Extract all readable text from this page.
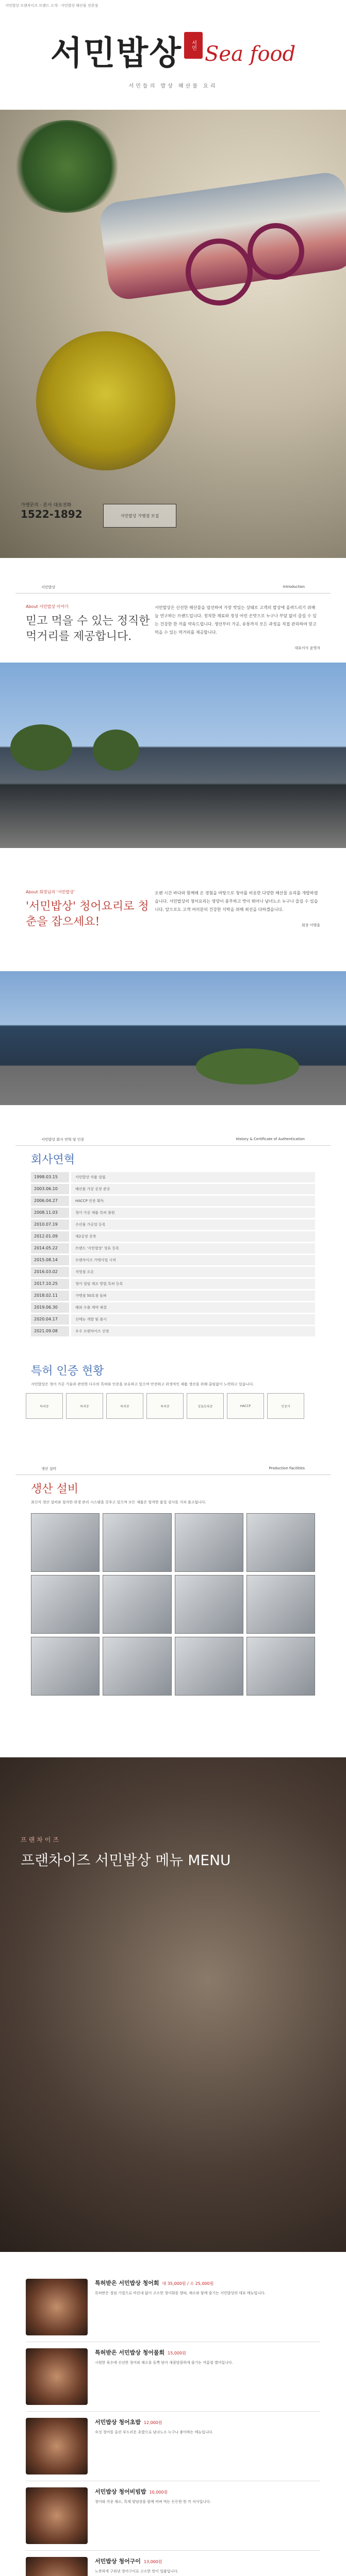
서민밥상 프랜차이즈 브랜드 소개 · 서민밥상 해산물 전문점
서민밥상	서민 Sea food
서민들의 밥상 해산물 요리
가맹문의 · 본사 대표전화
1522-1892	서민밥상 가맹점 모집
서민밥상	Introduction
About 서민밥상 이야기
믿고 먹을 수 있는 정직한 먹거리를 제공합니다.
서민밥상은 신선한 해산물을 엄선하여 가장 맛있는 상태로 고객의 밥상에 올려드리기 위해 늘 연구하는 브랜드입니다. 정직한 재료와 정성 어린 손맛으로 누구나 부담 없이 즐길 수 있는 건강한 한 끼를 약속드립니다. 생산부터 가공, 유통까지 모든 과정을 직접 관리하여 믿고 먹을 수 있는 먹거리를 제공합니다.
대표이사 윤영자
About 회장님의 '서민밥상'
'서민밥상' 청어요리로 청춘을 잡으세요!
오랜 시간 바다와 함께해 온 경험을 바탕으로 청어를 비롯한 다양한 해산물 요리를 개발하였습니다. 서민밥상의 청어요리는 영양이 풍부하고 맛이 뛰어나 남녀노소 누구나 즐길 수 있습니다. 앞으로도 고객 여러분의 건강한 식탁을 위해 최선을 다하겠습니다.
회장 이명훈
서민밥상 회사 연혁 및 인증	History & Certificate of Authentication
회사연혁
1998.03.15	서민밥상 식품 설립
2003.06.10	해산물 가공 공장 준공
2006.04.27	HACCP 인증 획득
2008.11.03	청어 가공 제품 특허 출원
2010.07.19	수산물 가공업 등록
2012.01.09	제2공장 증축
2014.05.22	브랜드 '서민밥상' 상표 등록
2015.08.14	프랜차이즈 가맹사업 시작
2016.03.02	직영점 오픈
2017.10.25	청어 절임 제조 방법 특허 등록
2018.02.11	가맹점 50호점 돌파
2019.06.30	해외 수출 계약 체결
2020.04.17	신메뉴 개발 및 출시
2021.09.08	우수 프랜차이즈 선정
특허 인증 현황
서민밥상은 청어 가공 기술과 관련한 다수의 특허와 인증을 보유하고 있으며 안전하고 위생적인 제품 생산을 위해 끊임없이 노력하고 있습니다.
특허증	특허증	특허증	특허증	상표등록증	HACCP	인증서
생산 설비	Production Facilities
생산 설비
최신식 생산 설비와 철저한 위생 관리 시스템을 갖추고 있으며 모든 제품은 엄격한 품질 검사를 거쳐 출고됩니다.
프랜차이즈
프랜차이즈 서민밥상 메뉴 MENU
특허받은 서민밥상 청어회 대 35,000원 / 소 25,000원
특허받은 절임 기법으로 비린내 없이 고소한 청어회를 양파, 채소와 함께 즐기는 서민밥상의 대표 메뉴입니다.
특허받은 서민밥상 청어물회 15,000원
시원한 육수에 신선한 청어와 채소를 듬뿍 담아 새콤달콤하게 즐기는 여름철 별미입니다.
서민밥상 청어초밥 12,000원
숙성 청어를 올린 부드러운 초밥으로 남녀노소 누구나 좋아하는 메뉴입니다.
서민밥상 청어비빔밥 10,000원
청어와 각종 채소, 특제 양념장을 함께 비벼 먹는 든든한 한 끼 식사입니다.
서민밥상 청어구이 13,000원
노릇하게 구워낸 청어구이로 고소한 맛이 일품입니다.
